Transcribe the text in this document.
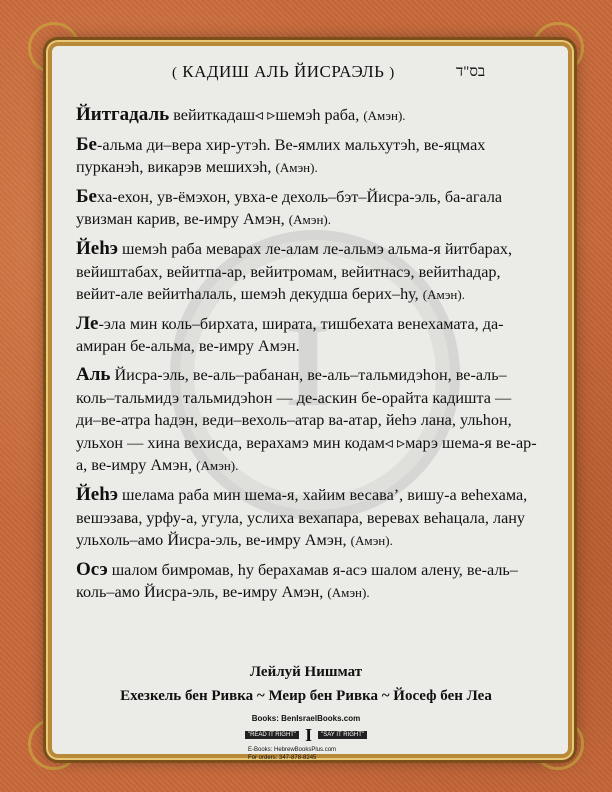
I
( КАДИШ АЛЬ ЙИСРАЭЛЬ )	בס"ד

Йитгадаль вейиткадаш◃ ▹шемэh раба, (Амэн).

Бе-альмa ди–вера хир-утэh. Ве-ямлих мальхутэh, ве-яцмаx пурканэh, викарэв мешиxэh, (Амэн).

Беxа-ехон, ув-ёмэхон, увxа-е дехоль–бэт–Йисра-эль, ба-агала увизман карив, ве-имру Амэн, (Амэн).

Йеhэ шемэh раба меварах ле-алам ле-альмэ альма-я йитбарах, вейиштабаx, вейитпа-ар, вейитромам, вейитнасэ, вейитhадар, вейит-але вейитhалаль, шемэh декудша бериx–hу, (Амэн).

Ле-эла мин коль–бирхата, ширата, тишбеxата венеxамата, да-амиран бе-альма, ве-имру Амэн.

Аль Йисра-эль, ве-аль–рабанан, ве-аль–тальмидэhон, ве-аль–коль–тальмидэ тальмидэhон — де-аскин бе-орайта кадишта — ди–ве-атра hадэн, веди–вехоль–атар ва-атар, йеhэ лана, ульhон, ульхон — xина веxисда, вераxамэ мин кодам◃ ▹марэ шема-я ве-ар-а, ве-имру Амэн, (Амэн).

Йеhэ шелама раба мин шема-я, xайим весава’, вишу-а веheхама, вешэзава, урфу-а, угула, услиxа вехапара, веревах веhацала, лану ульхоль–амо Йисра-эль, ве-имру Амэн, (Амэн).

Осэ шалом бимромав, hу бераxамав я-асэ шалом алену, ве-аль–коль–амо Йисра-эль, ве-имру Амэн, (Амэн).

Лейлуй Нишмат
Ехезкель бен Ривка ~ Меир бен Ривка ~ Йосеф бен Леа
Books: BenIsraelBooks.com
"READ IT RIGHT" I	"SAY IT RIGHT"
E-Books: HebrewBooksPlus.com
For orders: 347-878-8245
